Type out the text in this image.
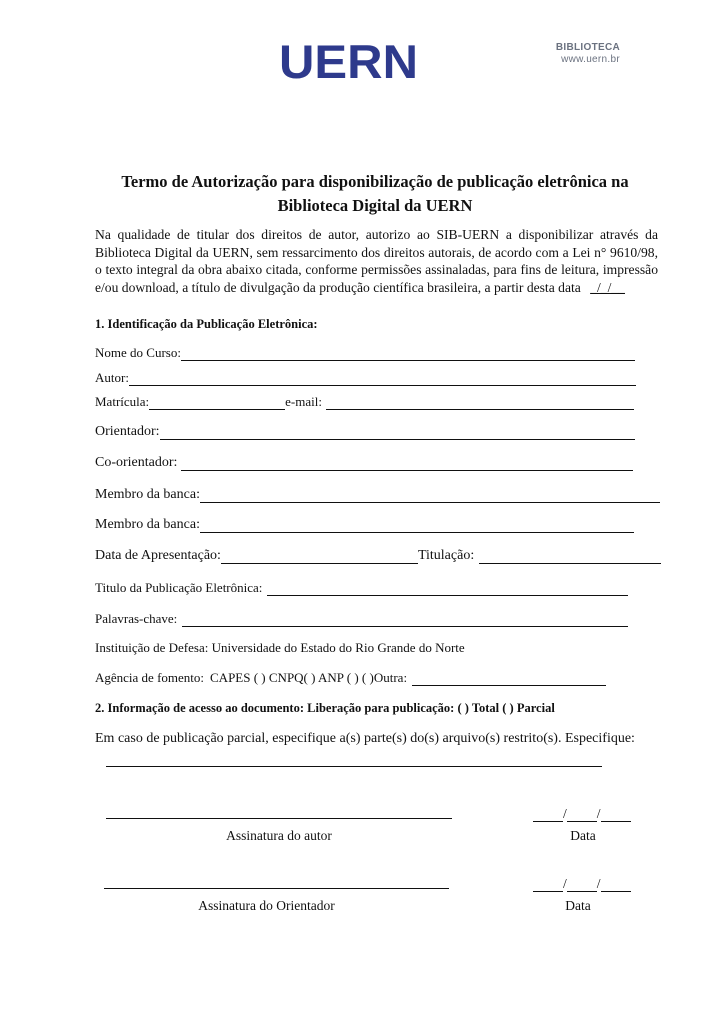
UERN	BIBLIOTECA
www.uern.br
Termo de Autorização para disponibilização de publicação eletrônica na
Biblioteca Digital da UERN
Na qualidade de titular dos direitos de autor, autorizo ao SIB-UERN a disponibilizar através da Biblioteca Digital da UERN, sem ressarcimento dos direitos autorais, de acordo com a Lei n° 9610/98, o texto integral da obra abaixo citada, conforme permissões assinaladas, para fins de leitura, impressão e/ou download, a título de divulgação da produção científica brasileira, a partir desta data _/_/__
1. Identificação da Publicação Eletrônica:
Nome do Curso:
Autor:
Matrícula:	e-mail:
Orientador:
Co-orientador:
Membro da banca:
Membro da banca:
Data de Apresentação:	Titulação:
Titulo da Publicação Eletrônica:
Palavras-chave:
Instituição de Defesa: Universidade do Estado do Rio Grande do Norte
Agência de fomento: CAPES ( ) CNPQ( ) ANP ( ) ( )Outra:
2. Informação de acesso ao documento: Liberação para publicação: ( ) Total ( ) Parcial
Em caso de publicação parcial, especifique a(s) parte(s) do(s) arquivo(s) restrito(s). Especifique:
Assinatura do autor
/ /
Data
Assinatura do Orientador
/ /
Data
